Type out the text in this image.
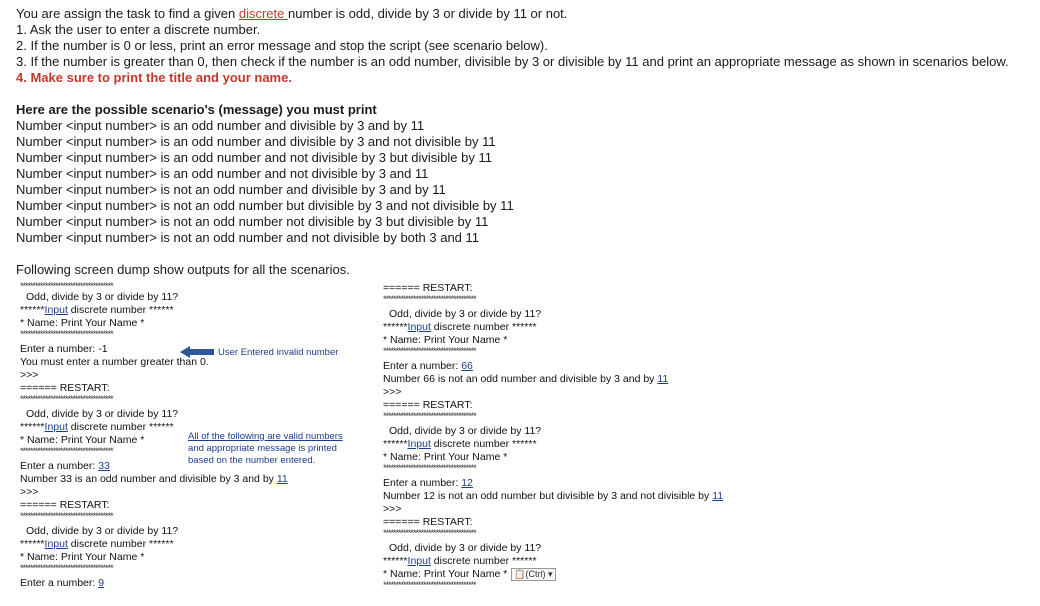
You are assign the task to find a given discrete number is odd, divide by 3 or divide by 11 or not.
1. Ask the user to enter a discrete number.
2. If the number is 0 or less, print an error message and stop the script (see scenario below).
3. If the number is greater than 0, then check if the number is an odd number, divisible by 3 or divisible by 11 and print an appropriate message as shown in scenarios below.
4. Make sure to print the title and your name.
Here are the possible scenario's (message) you must print
Number <input number> is an odd number and divisible by 3 and by 11
Number <input number> is an odd number and divisible by 3 and not divisible by 11
Number <input number> is an odd number and not divisible by 3 but divisible by 11
Number <input number> is an odd number and not divisible by 3 and 11
Number <input number> is not an odd number and divisible by 3 and by 11
Number <input number> is not an odd number but divisible by 3 and not divisible by 11
Number <input number> is not an odd number not divisible by 3 but divisible by 11
Number <input number> is not an odd number and not divisible by both 3 and 11
Following screen dump show outputs for all the scenarios.
*************************************
Odd, divide by 3 or divide by 11?
******Input discrete number ******
* Name: Print Your Name *
*************************************
Enter a number: -1
You must enter a number greater than 0.
>>>
====== RESTART:
*************************************
Odd, divide by 3 or divide by 11?
******Input discrete number ******
* Name: Print Your Name *
*************************************
Enter a number: 33
Number 33 is an odd number and divisible by 3 and by 11
>>>
====== RESTART:
*************************************
Odd, divide by 3 or divide by 11?
******Input discrete number ******
* Name: Print Your Name *
*************************************
Enter a number: 9
User Entered invalid number
All of the following are valid numbers
and appropriate message is printed
based on the number entered.
====== RESTART:
*************************************
Odd, divide by 3 or divide by 11?
******Input discrete number ******
* Name: Print Your Name *
*************************************
Enter a number: 66
Number 66 is not an odd number and divisible by 3 and by 11
>>>
====== RESTART:
*************************************
Odd, divide by 3 or divide by 11?
******Input discrete number ******
* Name: Print Your Name *
*************************************
Enter a number: 12
Number 12 is not an odd number but divisible by 3 and not divisible by 11
>>>
====== RESTART:
*************************************
Odd, divide by 3 or divide by 11?
******Input discrete number ******
* Name: Print Your Name * 📋(Ctrl) ▾
*************************************
